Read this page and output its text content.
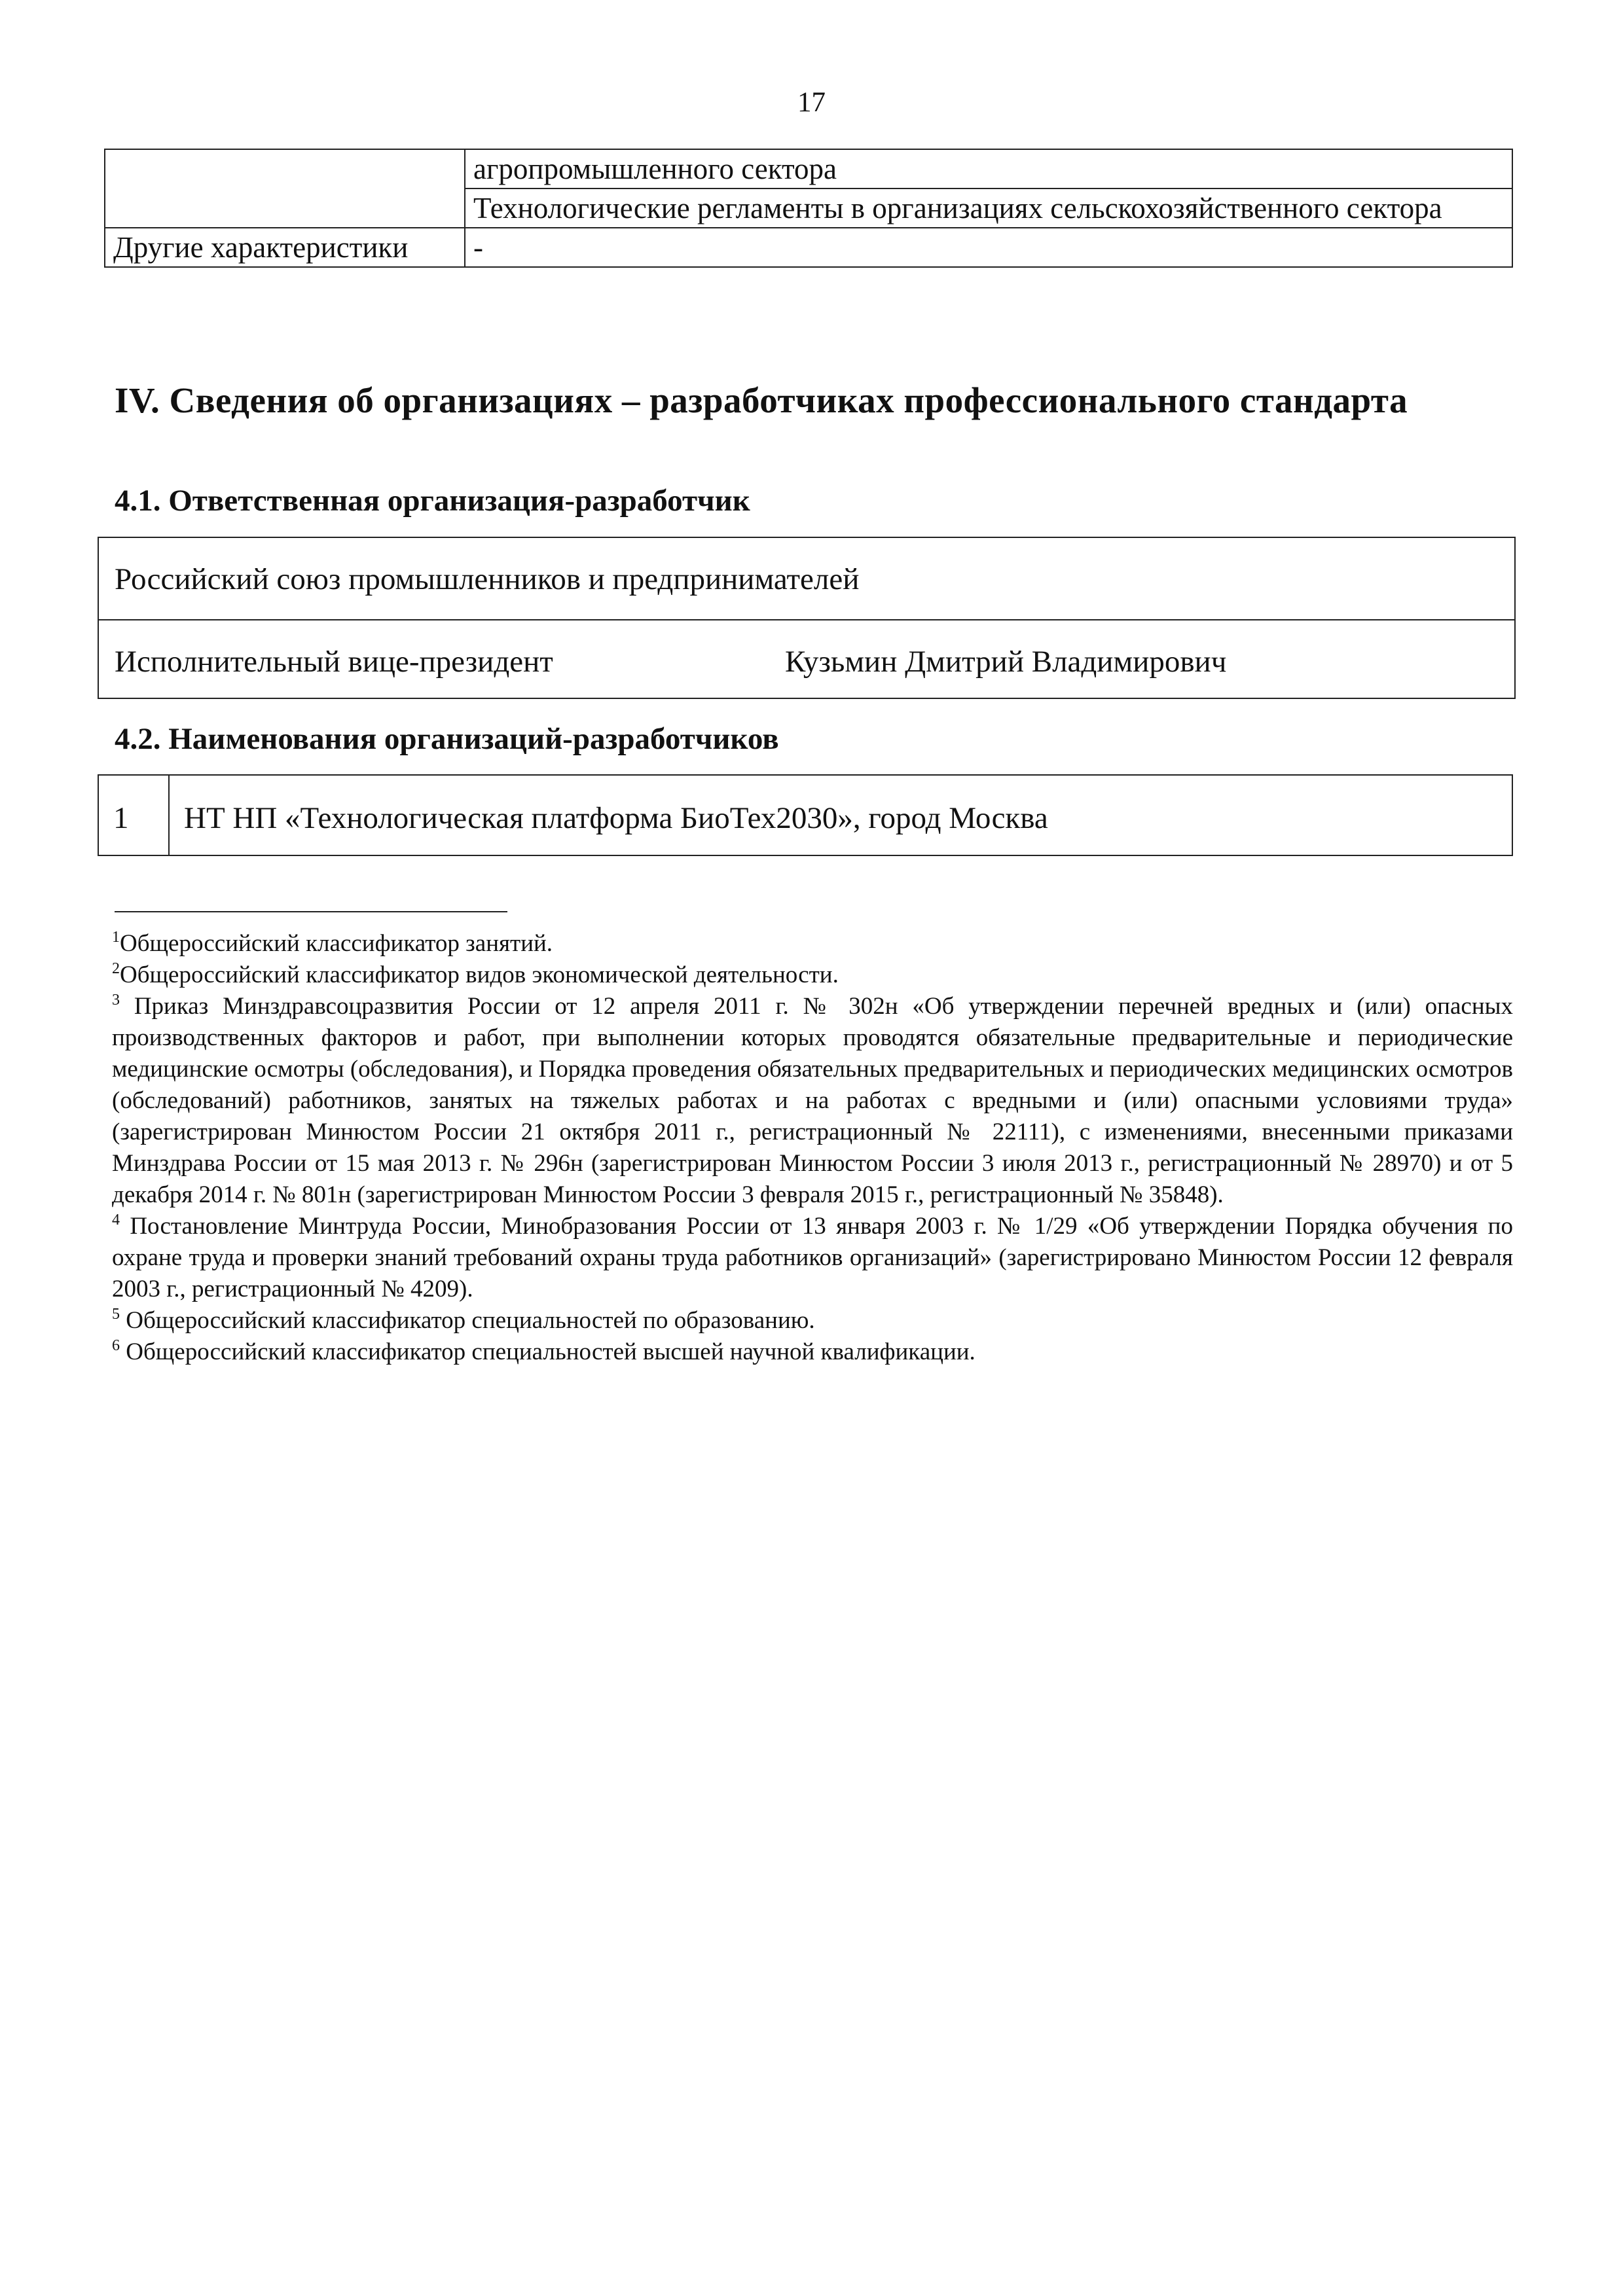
17
	агропромышленного сектора
	Технологические регламенты в организациях сельскохозяйственного сектора
Другие характеристики	-
IV. Сведения об организациях – разработчиках профессионального стандарта
4.1. Ответственная организация-разработчик
Российский союз промышленников и предпринимателей
Исполнительный вице-президент	Кузьмин Дмитрий Владимирович
4.2. Наименования организаций-разработчиков
1	НТ НП «Технологическая платформа БиоТех2030», город Москва

$^1$Общероссийский классификатор занятий.

$^2$Общероссийский классификатор видов экономической деятельности.

$^3$ Приказ Минздравсоцразвития России от 12 апреля 2011 г. № 302н «Об утверждении перечней вредных и (или) опасных производственных факторов и работ, при выполнении которых проводятся обязательные предварительные и периодические медицинские осмотры (обследования), и Порядка проведения обязательных предварительных и периодических медицинских осмотров (обследований) работников, занятых на тяжелых работах и на работах с вредными и (или) опасными условиями труда» (зарегистрирован Минюстом России 21 октября 2011 г., регистрационный № 22111), с изменениями, внесенными приказами Минздрава России от 15 мая 2013 г. № 296н (зарегистрирован Минюстом России 3 июля 2013 г., регистрационный № 28970) и от 5 декабря 2014 г. № 801н (зарегистрирован Минюстом России 3 февраля 2015 г., регистрационный № 35848).

$^4$ Постановление Минтруда России, Минобразования России от 13 января 2003 г. № 1/29 «Об утверждении Порядка обучения по охране труда и проверки знаний требований охраны труда работников организаций» (зарегистрировано Минюстом России 12 февраля 2003 г., регистрационный № 4209).

$^5$ Общероссийский классификатор специальностей по образованию.

$^6$ Общероссийский классификатор специальностей высшей научной квалификации.
